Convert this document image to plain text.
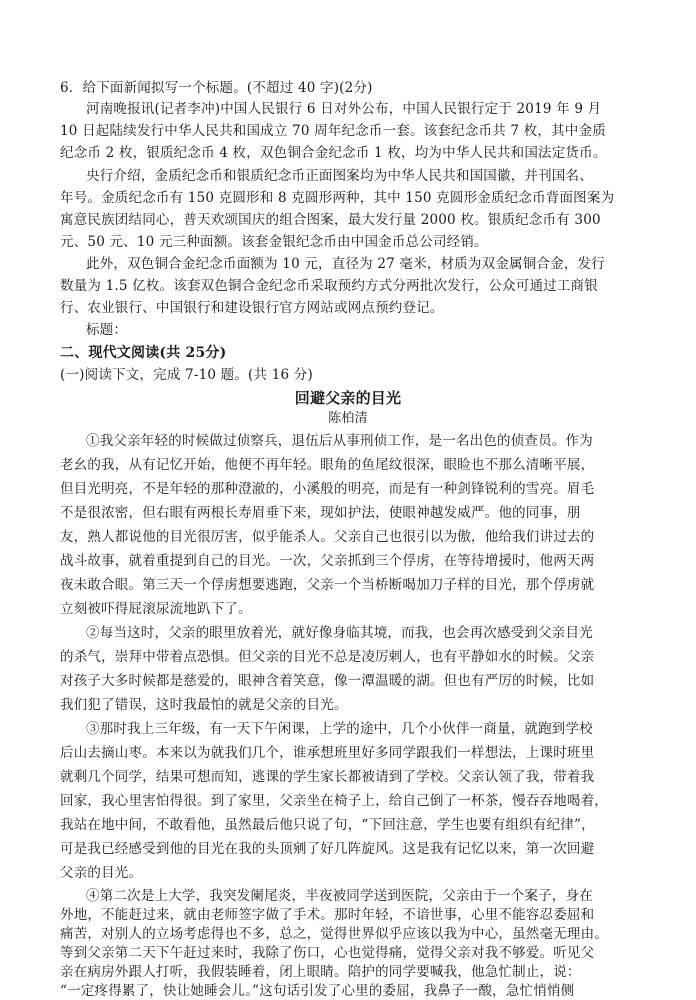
6．给下面新闻拟写一个标题。(不超过 40 字)(2分)
河南晚报讯(记者李冲)中国人民银行 6 日对外公布，中国人民银行定于 2019 年 9 月
10 日起陆续发行中华人民共和国成立 70 周年纪念币一套。该套纪念币共 7 枚，其中金质
纪念币 2 枚，银质纪念币 4 枚，双色铜合金纪念币 1 枚，均为中华人民共和国法定货币。
央行介绍，金质纪念币和银质纪念币正面图案均为中华人民共和国国徽，并刊国名、
年号。金质纪念币有 150 克圆形和 8 克圆形两种，其中 150 克圆形金质纪念币背面图案为
寓意民族团结同心，普天欢颂国庆的组合图案，最大发行量 2000 枚。银质纪念币有 300
元、50 元、10 元三种面额。该套金银纪念币由中国金币总公司经销。
此外，双色铜合金纪念币面额为 10 元，直径为 27 毫米，材质为双金属铜合金，发行
数量为 1.5 亿枚。该套双色铜合金纪念币采取预约方式分两批次发行，公众可通过工商银
行、农业银行、中国银行和建设银行官方网站或网点预约登记。
标题：
二、现代文阅读(共 25分)
(一)阅读下文，完成 7-10 题。(共 16 分)
回避父亲的目光
陈柏清
①我父亲年轻的时候做过侦察兵，退伍后从事刑侦工作，是一名出色的侦查员。作为
老幺的我，从有记忆开始，他便不再年轻。眼角的鱼尾纹很深，眼睑也不那么清晰平展，
但目光明亮，不是年轻的那种澄澈的，小溪般的明亮，而是有一种剑锋锐利的雪亮。眉毛
不是很浓密，但右眼有两根长寿眉垂下来，现如护法，使眼神越发威严。他的同事，朋
友，熟人都说他的目光很厉害，似乎能杀人。父亲自己也很引以为傲，他给我们讲过去的
战斗故事，就着重提到自己的目光。一次，父亲抓到三个俘虏，在等待增援时，他两天两
夜未敢合眼。第三天一个俘虏想要逃跑，父亲一个当桥断喝加刀子样的目光，那个俘虏就
立刻被吓得屁滚尿流地趴下了。
②每当这时，父亲的眼里放着光，就好像身临其境，而我，也会再次感受到父亲目光
的杀气，崇拜中带着点恐惧。但父亲的目光不总是凌厉剌人，也有平静如水的时候。父亲
对孩子大多时候都是慈爱的，眼神含着笑意，像一潭温暖的湖。但也有严厉的时候，比如
我们犯了错误，这时我最怕的就是父亲的目光。
③那时我上三年级，有一天下午闲课，上学的途中，几个小伙伴一商量，就跑到学校
后山去摘山枣。本来以为就我们几个，谁承想班里好多同学跟我们一样想法，上课时班里
就剩几个同学，结果可想而知，逃课的学生家长都被请到了学校。父亲认领了我，带着我
回家，我心里害怕得很。到了家里，父亲坐在椅子上，给自己倒了一杯茶，慢吞吞地喝着，
我站在地中间，不敢看他，虽然最后他只说了句，“下回注意，学生也要有组织有纪律”，
可是我已经感受到他的目光在我的头顶剜了好几阵旋风。这是我有记忆以来，第一次回避
父亲的目光。
④第二次是上大学，我突发阑尾炎，半夜被同学送到医院，父亲由于一个案子，身在
外地，不能赶过来，就由老师签字做了手术。那时年轻，不谙世事，心里不能容忍委屈和
痛苦，对别人的立场考虑得也不多，总之，觉得世界似乎应该以我为中心，虽然毫无理由。
等到父亲第二天下午赶过来时，我除了伤口，心也觉得痛，觉得父亲对我不够爱。听见父
亲在病房外跟人打听，我假装睡着，闭上眼睛。陪护的同学要喊我，他急忙制止，说：
“一定疼得累了，快让她睡会儿。”这句话引发了心里的委屈，我鼻子一酸，急忙悄悄侧
